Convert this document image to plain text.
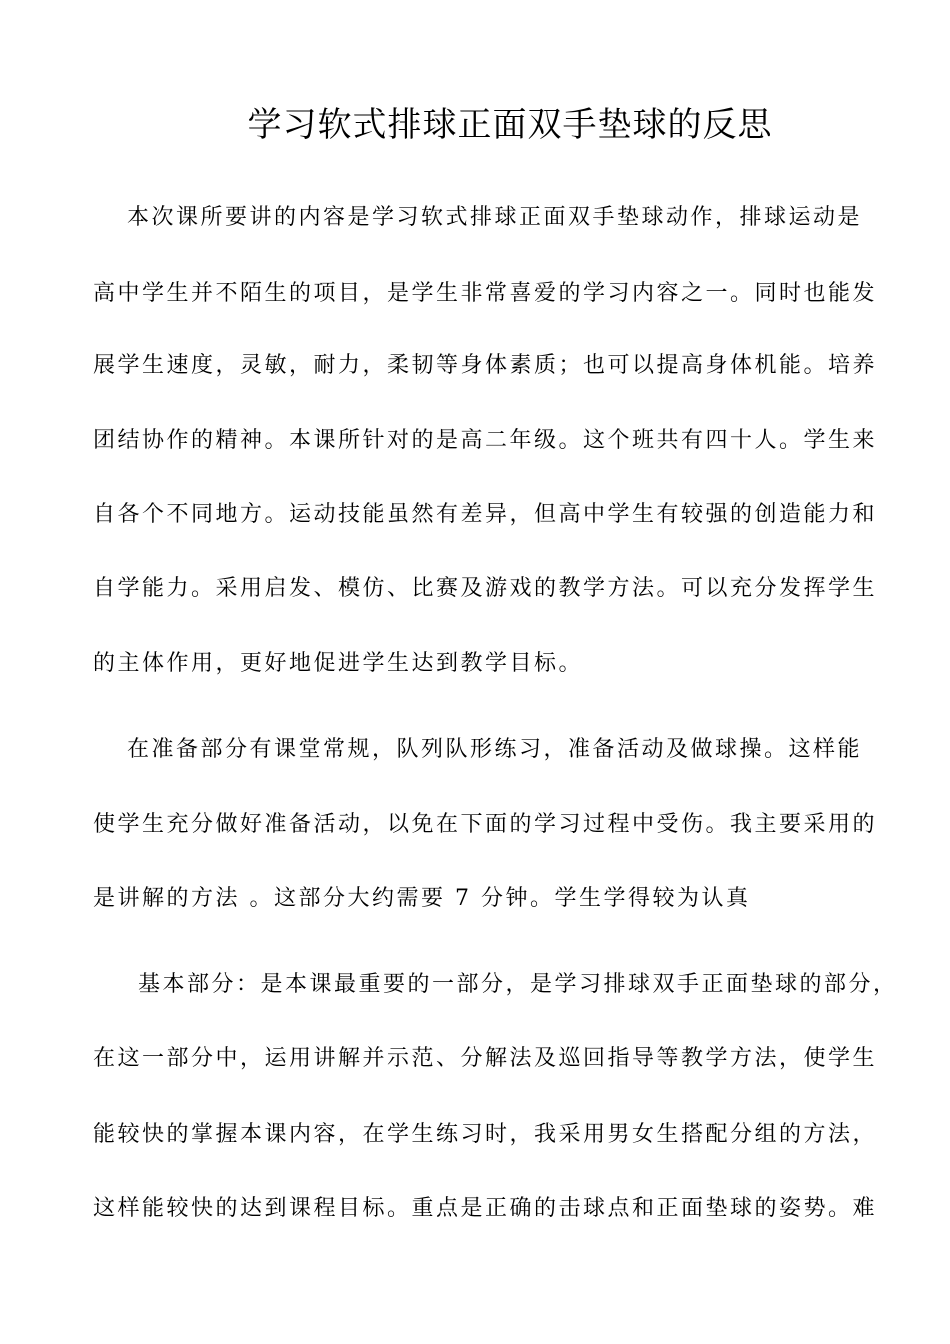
学习软式排球正面双手垫球的反思
本次课所要讲的内容是学习软式排球正面双手垫球动作，排球运动是
高中学生并不陌生的项目，是学生非常喜爱的学习内容之一。同时也能发
展学生速度，灵敏，耐力，柔韧等身体素质；也可以提高身体机能。培养
团结协作的精神。本课所针对的是高二年级。这个班共有四十人。学生来
自各个不同地方。运动技能虽然有差异，但高中学生有较强的创造能力和
自学能力。采用启发、模仿、比赛及游戏的教学方法。可以充分发挥学生
的主体作用，更好地促进学生达到教学目标。
在准备部分有课堂常规，队列队形练习，准备活动及做球操。这样能
使学生充分做好准备活动，以免在下面的学习过程中受伤。我主要采用的
是讲解的方法 。这部分大约需要 7 分钟。学生学得较为认真
基本部分：是本课最重要的一部分，是学习排球双手正面垫球的部分，
在这一部分中，运用讲解并示范、分解法及巡回指导等教学方法，使学生
能较快的掌握本课内容，在学生练习时，我采用男女生搭配分组的方法，
这样能较快的达到课程目标。重点是正确的击球点和正面垫球的姿势。难
